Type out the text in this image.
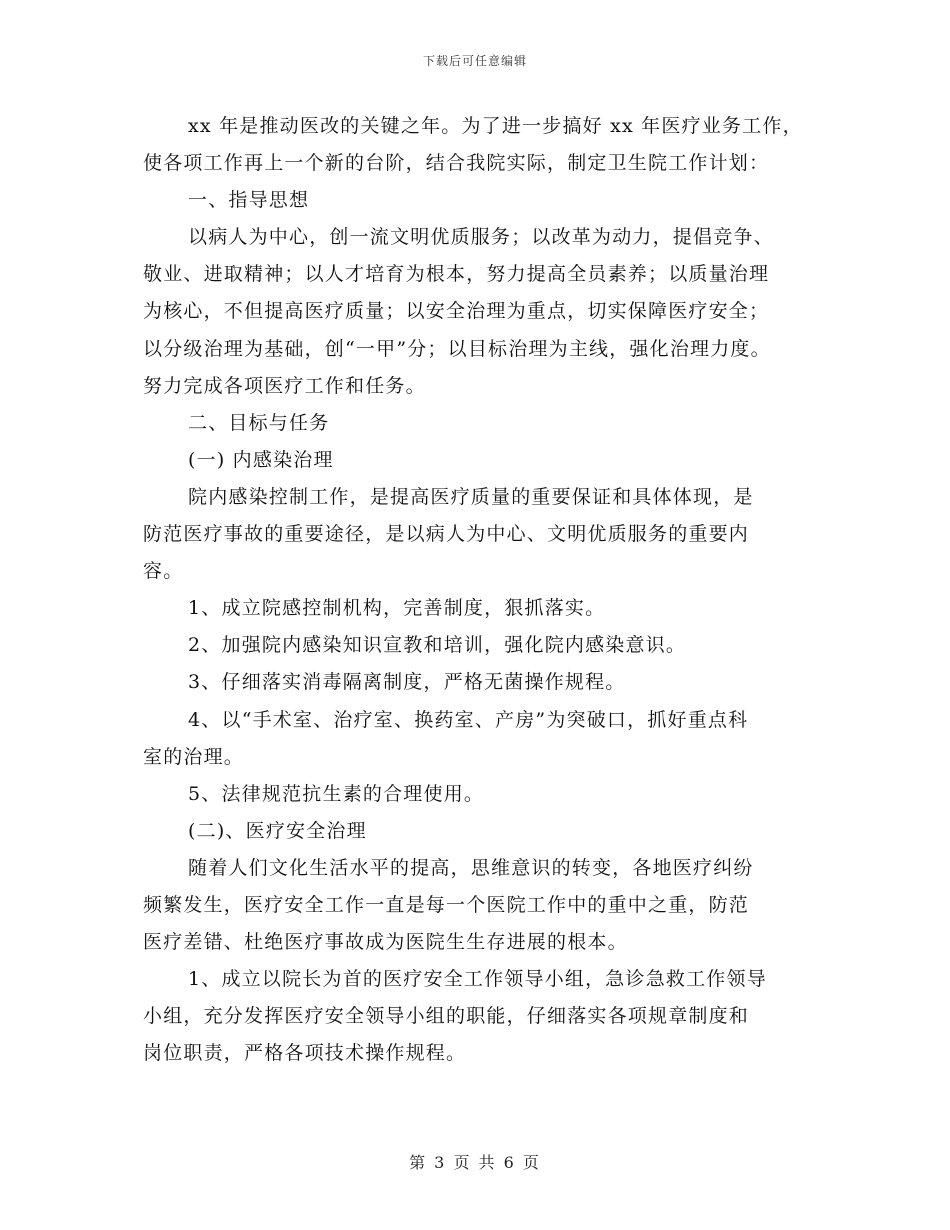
下载后可任意编辑
xx 年是推动医改的关键之年。为了进一步搞好 xx 年医疗业务工作，
使各项工作再上一个新的台阶，结合我院实际，制定卫生院工作计划：
一、指导思想
以病人为中心，创一流文明优质服务；以改革为动力，提倡竞争、
敬业、进取精神；以人才培育为根本，努力提高全员素养；以质量治理
为核心，不但提高医疗质量；以安全治理为重点，切实保障医疗安全；
以分级治理为基础，创“一甲”分；以目标治理为主线，强化治理力度。
努力完成各项医疗工作和任务。
二、目标与任务
(一) 内感染治理
院内感染控制工作，是提高医疗质量的重要保证和具体体现，是
防范医疗事故的重要途径，是以病人为中心、文明优质服务的重要内
容。
1、成立院感控制机构，完善制度，狠抓落实。
2、加强院内感染知识宣教和培训，强化院内感染意识。
3、仔细落实消毒隔离制度，严格无菌操作规程。
4、以“手术室、治疗室、换药室、产房”为突破口，抓好重点科
室的治理。
5、法律规范抗生素的合理使用。
(二)、医疗安全治理
随着人们文化生活水平的提高，思维意识的转变，各地医疗纠纷
频繁发生，医疗安全工作一直是每一个医院工作中的重中之重，防范
医疗差错、杜绝医疗事故成为医院生生存进展的根本。
1、成立以院长为首的医疗安全工作领导小组，急诊急救工作领导
小组，充分发挥医疗安全领导小组的职能，仔细落实各项规章制度和
岗位职责，严格各项技术操作规程。
第 3 页 共 6 页
